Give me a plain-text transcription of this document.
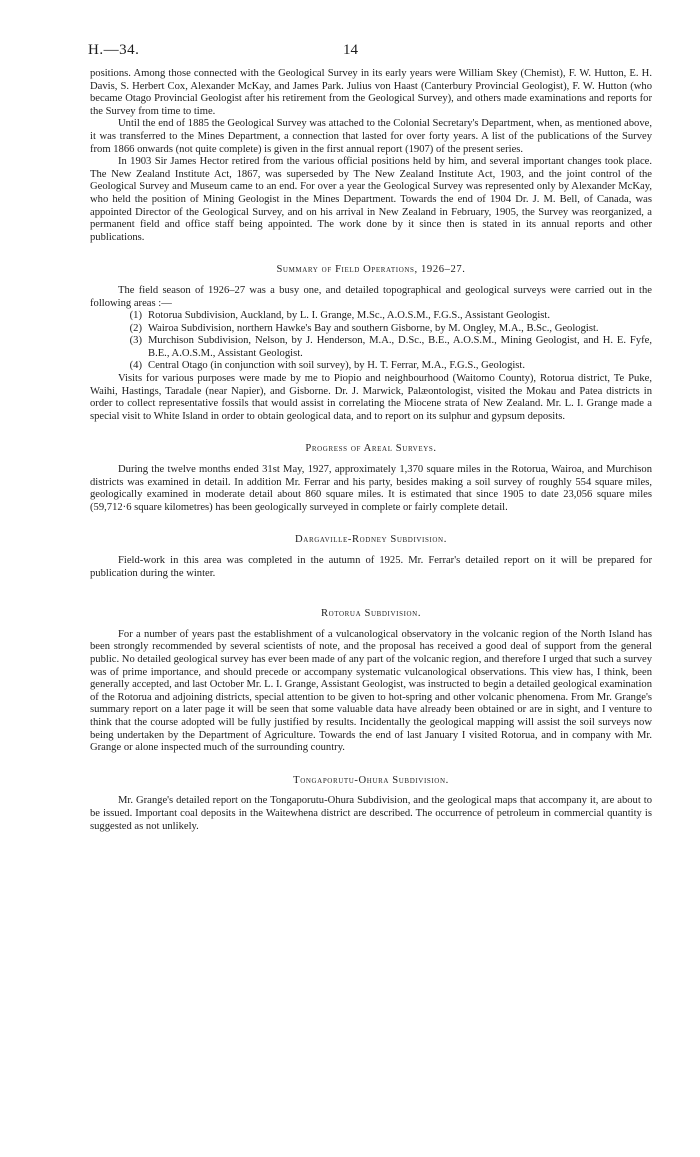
H.—34.	14

positions. Among those connected with the Geological Survey in its early years were William Skey (Chemist), F. W. Hutton, E. H. Davis, S. Herbert Cox, Alexander McKay, and James Park. Julius von Haast (Canterbury Provincial Geologist), F. W. Hutton (who became Otago Provincial Geologist after his retirement from the Geological Survey), and others made examinations and reports for the Survey from time to time.

Until the end of 1885 the Geological Survey was attached to the Colonial Secretary's Department, when, as mentioned above, it was transferred to the Mines Department, a connection that lasted for over forty years. A list of the publications of the Survey from 1866 onwards (not quite complete) is given in the first annual report (1907) of the present series.

In 1903 Sir James Hector retired from the various official positions held by him, and several important changes took place. The New Zealand Institute Act, 1867, was superseded by The New Zealand Institute Act, 1903, and the joint control of the Geological Survey and Museum came to an end. For over a year the Geological Survey was represented only by Alexander McKay, who held the position of Mining Geologist in the Mines Department. Towards the end of 1904 Dr. J. M. Bell, of Canada, was appointed Director of the Geological Survey, and on his arrival in New Zealand in February, 1905, the Survey was reorganized, a permanent field and office staff being appointed. The work done by it since then is stated in its annual reports and other publications.

Summary of Field Operations, 1926–27.

The field season of 1926–27 was a busy one, and detailed topographical and geological surveys were carried out in the following areas :—

(1) Rotorua Subdivision, Auckland, by L. I. Grange, M.Sc., A.O.S.M., F.G.S., Assistant Geologist.
(2) Wairoa Subdivision, northern Hawke's Bay and southern Gisborne, by M. Ongley, M.A., B.Sc., Geologist.
(3) Murchison Subdivision, Nelson, by J. Henderson, M.A., D.Sc., B.E., A.O.S.M., Mining Geologist, and H. E. Fyfe, B.E., A.O.S.M., Assistant Geologist.
(4) Central Otago (in conjunction with soil survey), by H. T. Ferrar, M.A., F.G.S., Geologist.

Visits for various purposes were made by me to Piopio and neighbourhood (Waitomo County), Rotorua district, Te Puke, Waihi, Hastings, Taradale (near Napier), and Gisborne. Dr. J. Marwick, Palæontologist, visited the Mokau and Patea districts in order to collect representative fossils that would assist in correlating the Miocene strata of New Zealand. Mr. L. I. Grange made a special visit to White Island in order to obtain geological data, and to report on its sulphur and gypsum deposits.

Progress of Areal Surveys.

During the twelve months ended 31st May, 1927, approximately 1,370 square miles in the Rotorua, Wairoa, and Murchison districts was examined in detail. In addition Mr. Ferrar and his party, besides making a soil survey of roughly 554 square miles, geologically examined in moderate detail about 860 square miles. It is estimated that since 1905 to date 23,056 square miles (59,712·6 square kilometres) has been geologically surveyed in complete or fairly complete detail.

Dargaville-Rodney Subdivision.

Field-work in this area was completed in the autumn of 1925. Mr. Ferrar's detailed report on it will be prepared for publication during the winter.

Rotorua Subdivision.

For a number of years past the establishment of a vulcanological observatory in the volcanic region of the North Island has been strongly recommended by several scientists of note, and the proposal has received a good deal of support from the general public. No detailed geological survey has ever been made of any part of the volcanic region, and therefore I urged that such a survey was of prime importance, and should precede or accompany systematic vulcanological observations. This view has, I think, been generally accepted, and last October Mr. L. I. Grange, Assistant Geologist, was instructed to begin a detailed geological examination of the Rotorua and adjoining districts, special attention to be given to hot-spring and other volcanic phenomena. From Mr. Grange's summary report on a later page it will be seen that some valuable data have already been obtained or are in sight, and I venture to think that the course adopted will be fully justified by results. Incidentally the geological mapping will assist the soil surveys now being undertaken by the Department of Agriculture. Towards the end of last January I visited Rotorua, and in company with Mr. Grange or alone inspected much of the surrounding country.

Tongaporutu-Ohura Subdivision.

Mr. Grange's detailed report on the Tongaporutu-Ohura Subdivision, and the geological maps that accompany it, are about to be issued. Important coal deposits in the Waitewhena district are described. The occurrence of petroleum in commercial quantity is suggested as not unlikely.
